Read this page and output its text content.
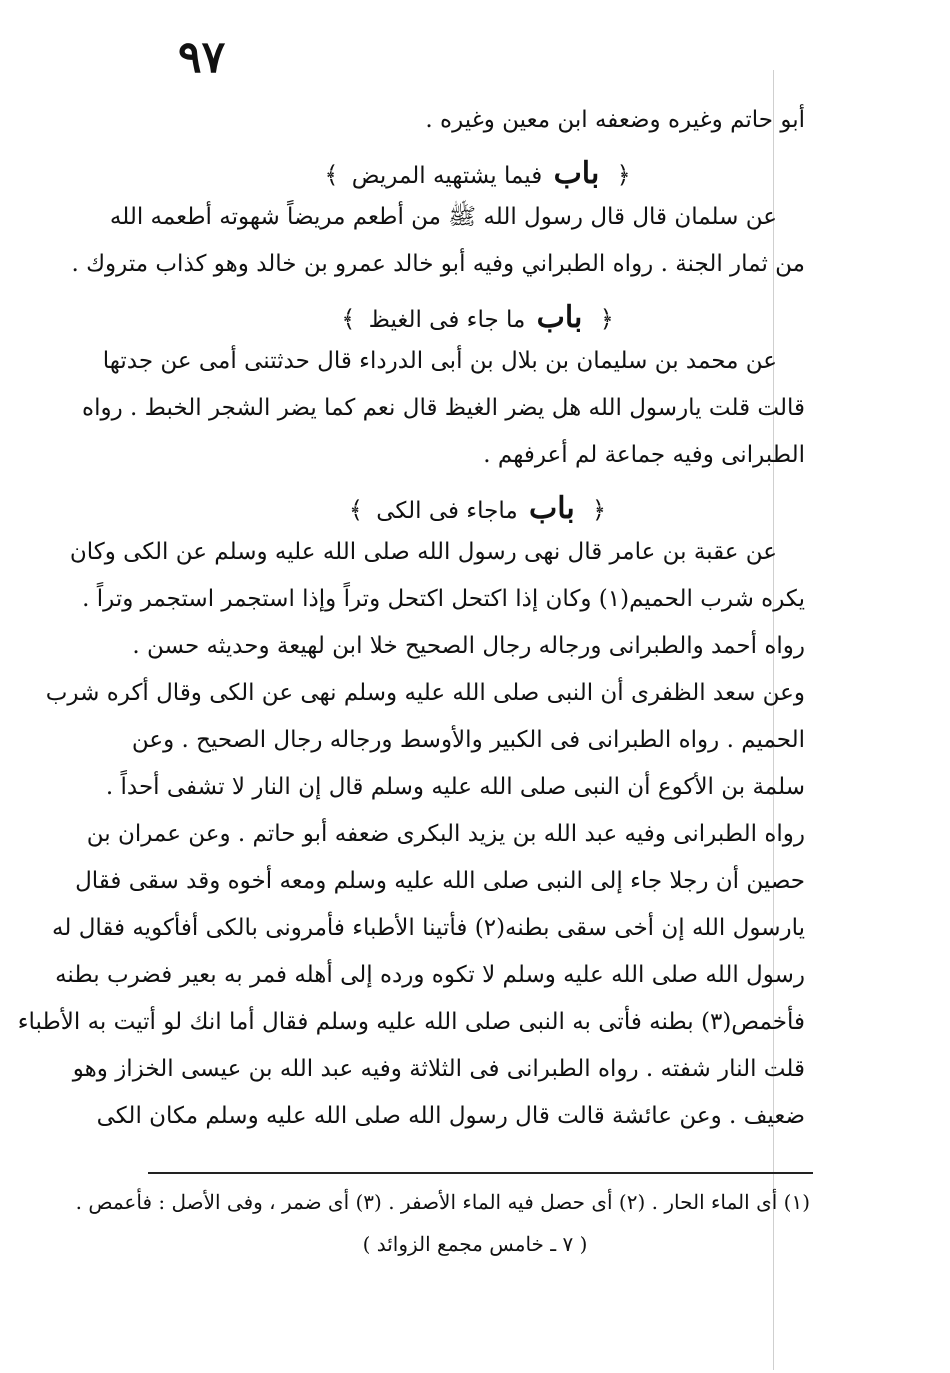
٩٧
أبو حاتم وغيره وضعفه ابن معين وغيره .
﴿ باب فيما يشتهيه المريض ﴾
عن سلمان قال قال رسول الله ﷺ من أطعم مريضاً شهوته أطعمه الله
من ثمار الجنة . رواه الطبراني وفيه أبو خالد عمرو بن خالد وهو كذاب متروك .
﴿ باب ما جاء فى الغيظ ﴾
عن محمد بن سليمان بن بلال بن أبى الدرداء قال حدثتنى أمى عن جدتها
قالت قلت يارسول الله هل يضر الغيظ قال نعم كما يضر الشجر الخبط . رواه
الطبرانى وفيه جماعة لم أعرفهم .
﴿ باب ماجاء فى الكى ﴾
عن عقبة بن عامر قال نهى رسول الله صلى الله عليه وسلم عن الكى وكان
يكره شرب الحميم(١) وكان إذا اكتحل اكتحل وتراً وإذا استجمر استجمر وتراً .
رواه أحمد والطبرانى ورجاله رجال الصحيح خلا ابن لهيعة وحديثه حسن .
وعن سعد الظفرى أن النبى صلى الله عليه وسلم نهى عن الكى وقال أكره شرب
الحميم . رواه الطبرانى فى الكبير والأوسط ورجاله رجال الصحيح . وعن
سلمة بن الأكوع أن النبى صلى الله عليه وسلم قال إن النار لا تشفى أحداً .
رواه الطبرانى وفيه عبد الله بن يزيد البكرى ضعفه أبو حاتم . وعن عمران بن
حصين أن رجلا جاء إلى النبى صلى الله عليه وسلم ومعه أخوه وقد سقى فقال
يارسول الله إن أخى سقى بطنه(٢) فأتينا الأطباء فأمرونى بالكى أفأكويه فقال له
رسول الله صلى الله عليه وسلم لا تكوه ورده إلى أهله فمر به بعير فضرب بطنه
فأخمص(٣) بطنه فأتى به النبى صلى الله عليه وسلم فقال أما انك لو أتيت به الأطباء
قلت النار شفته . رواه الطبرانى فى الثلاثة وفيه عبد الله بن عيسى الخزاز وهو
ضعيف . وعن عائشة قالت قال رسول الله صلى الله عليه وسلم مكان الكى
(١) أى الماء الحار . (٢) أى حصل فيه الماء الأصفر . (٣) أى ضمر ، وفى الأصل : فأعمص .
( ٧ ـ خامس مجمع الزوائد )
